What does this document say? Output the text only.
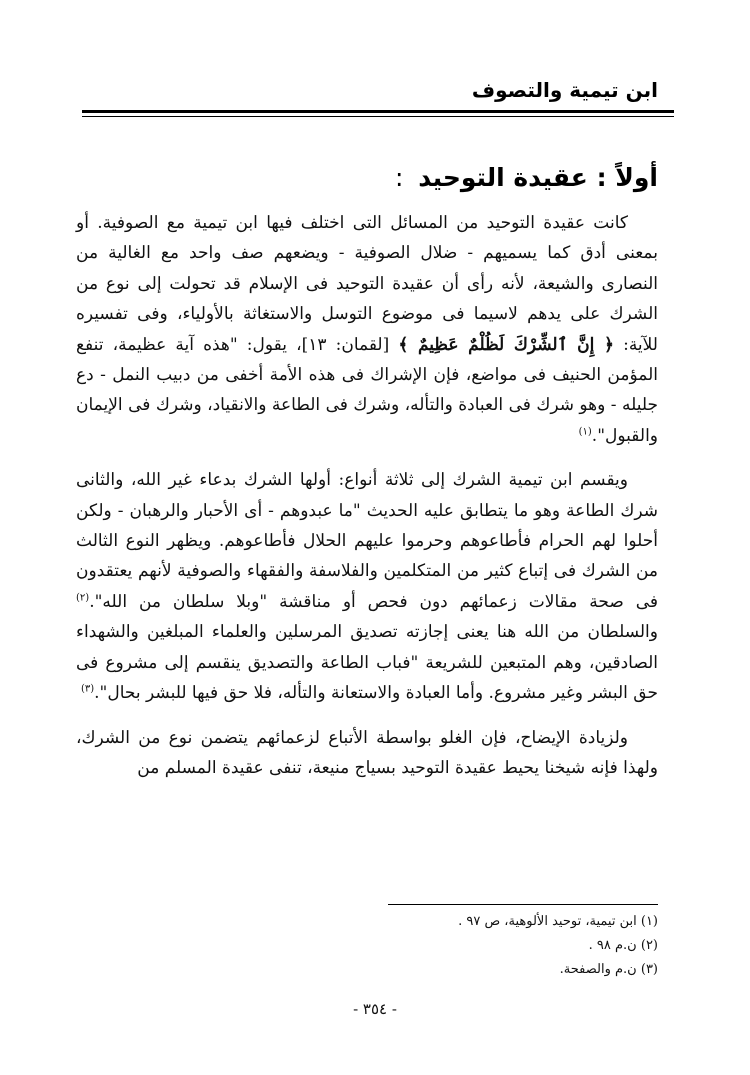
ابن تيمية والتصوف
أولاً : عقيدة التوحيد :

كانت عقيدة التوحيد من المسائل التى اختلف فيها ابن تيمية مع الصوفية. أو بمعنى أدق كما يسميهم - ضلال الصوفية - ويضعهم صف واحد مع الغالية من النصارى والشيعة، لأنه رأى أن عقيدة التوحيد فى الإسلام قد تحولت إلى نوع من الشرك على يدهم لاسيما فى موضوع التوسل والاستغاثة بالأولياء، وفى تفسيره للآية: ﴿ إِنَّ ٱلشِّرْكَ لَظُلْمٌ عَظِيمٌ ﴾ [لقمان: ١٣]، يقول: "هذه آية عظيمة، تنفع المؤمن الحنيف فى مواضع، فإن الإشراك فى هذه الأمة أخفى من دبيب النمل - دع جليله - وهو شرك فى العبادة والتأله، وشرك فى الطاعة والانقياد، وشرك فى الإيمان والقبول".$^{(١)}$

ويقسم ابن تيمية الشرك إلى ثلاثة أنواع: أولها الشرك بدعاء غير الله، والثانى شرك الطاعة وهو ما يتطابق عليه الحديث "ما عبدوهم - أى الأحبار والرهبان - ولكن أحلوا لهم الحرام فأطاعوهم وحرموا عليهم الحلال فأطاعوهم. ويظهر النوع الثالث من الشرك فى إتباع كثير من المتكلمين والفلاسفة والفقهاء والصوفية لأنهم يعتقدون فى صحة مقالات زعمائهم دون فحص أو مناقشة "وبلا سلطان من الله".$^{(٢)}$ والسلطان من الله هنا يعنى إجازته تصديق المرسلين والعلماء المبلغين والشهداء الصادقين، وهم المتبعين للشريعة "فباب الطاعة والتصديق ينقسم إلى مشروع فى حق البشر وغير مشروع. وأما العبادة والاستعانة والتأله، فلا حق فيها للبشر بحال".$^{(٣)}$

ولزيادة الإيضاح، فإن الغلو بواسطة الأتباع لزعمائهم يتضمن نوع من الشرك، ولهذا فإنه شيخنا يحيط عقيدة التوحيد بسياج منيعة، تنفى عقيدة المسلم من

(١) ابن تيمية، توحيد الألوهية، ص ٩٧ .
(٢) ن.م ٩٨ .
(٣) ن.م والصفحة.
- ٣٥٤ -
